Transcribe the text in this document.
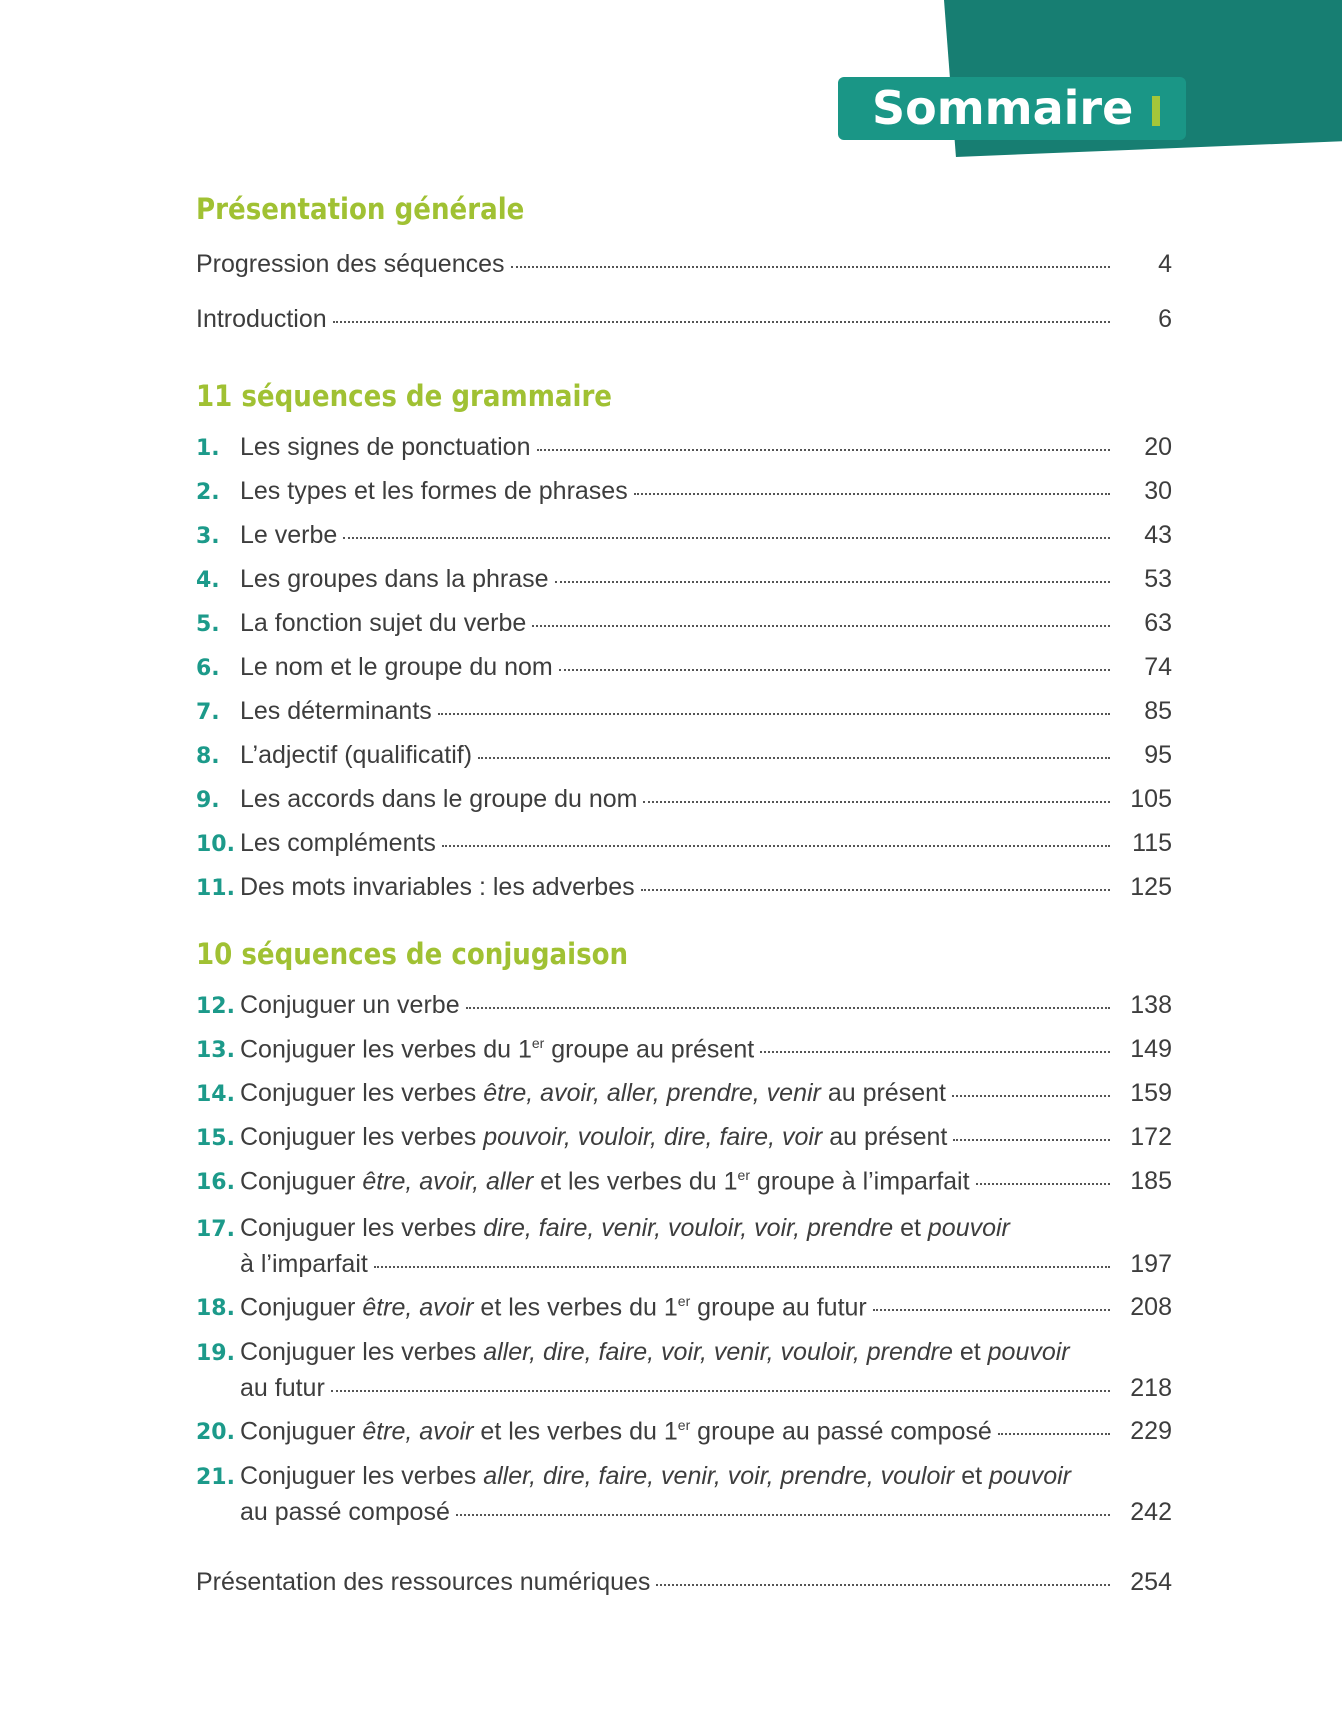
Sommaire
Présentation générale
Progression des séquences	4
Introduction	6
11 séquences de grammaire
1. Les signes de ponctuation	20
2. Les types et les formes de phrases	30
3. Le verbe	43
4. Les groupes dans la phrase	53
5. La fonction sujet du verbe	63
6. Le nom et le groupe du nom	74
7. Les déterminants	85
8. L’adjectif (qualificatif)	95
9. Les accords dans le groupe du nom	105
10. Les compléments	115
11. Des mots invariables : les adverbes	125
10 séquences de conjugaison
12. Conjuguer un verbe	138
13. Conjuguer les verbes du 1er groupe au présent	149
14. Conjuguer les verbes être, avoir, aller, prendre, venir au présent	159
15. Conjuguer les verbes pouvoir, vouloir, dire, faire, voir au présent	172
16. Conjuguer être, avoir, aller et les verbes du 1er groupe à l’imparfait	185
17. Conjuguer les verbes dire, faire, venir, vouloir, voir, prendre et pouvoir
à l’imparfait	197
18. Conjuguer être, avoir et les verbes du 1er groupe au futur	208
19. Conjuguer les verbes aller, dire, faire, voir, venir, vouloir, prendre et pouvoir
au futur	218
20. Conjuguer être, avoir et les verbes du 1er groupe au passé composé	229
21. Conjuguer les verbes aller, dire, faire, venir, voir, prendre, vouloir et pouvoir
au passé composé	242
Présentation des ressources numériques	254
